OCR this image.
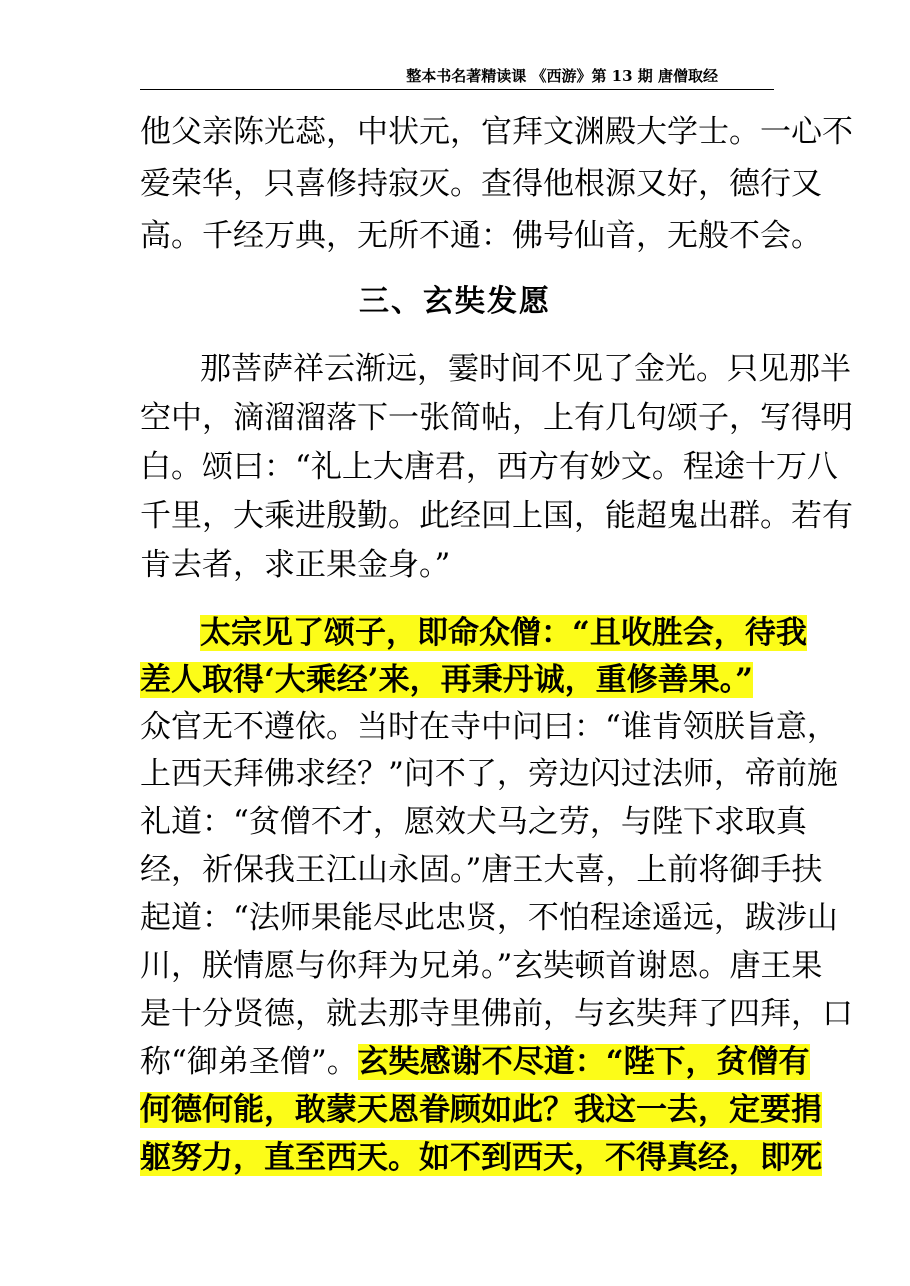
整本书名著精读课 《西游》第 13 期 唐僧取经
他父亲陈光蕊，中状元，官拜文渊殿大学士。一心不
爱荣华，只喜修持寂灭。查得他根源又好，德行又
高。千经万典，无所不通：佛号仙音，无般不会。
三、玄奘发愿
那菩萨祥云渐远，霎时间不见了金光。只见那半
空中，滴溜溜落下一张简帖，上有几句颂子，写得明
白。颂曰：“礼上大唐君，西方有妙文。程途十万八
千里，大乘进殷勤。此经回上国，能超鬼出群。若有
肯去者，求正果金身。”
太宗见了颂子，即命众僧：“且收胜会，待我
差人取得‘大乘经’来，再秉丹诚，重修善果。”
众官无不遵依。当时在寺中问曰：“谁肯领朕旨意，
上西天拜佛求经？”问不了，旁边闪过法师，帝前施
礼道：“贫僧不才，愿效犬马之劳，与陛下求取真
经，祈保我王江山永固。”唐王大喜，上前将御手扶
起道：“法师果能尽此忠贤，不怕程途遥远，跋涉山
川，朕情愿与你拜为兄弟。”玄奘顿首谢恩。唐王果
是十分贤德，就去那寺里佛前，与玄奘拜了四拜，口
称“御弟圣僧”。玄奘感谢不尽道：“陛下，贫僧有
何德何能，敢蒙天恩眷顾如此？我这一去，定要捐
躯努力，直至西天。如不到西天，不得真经，即死
